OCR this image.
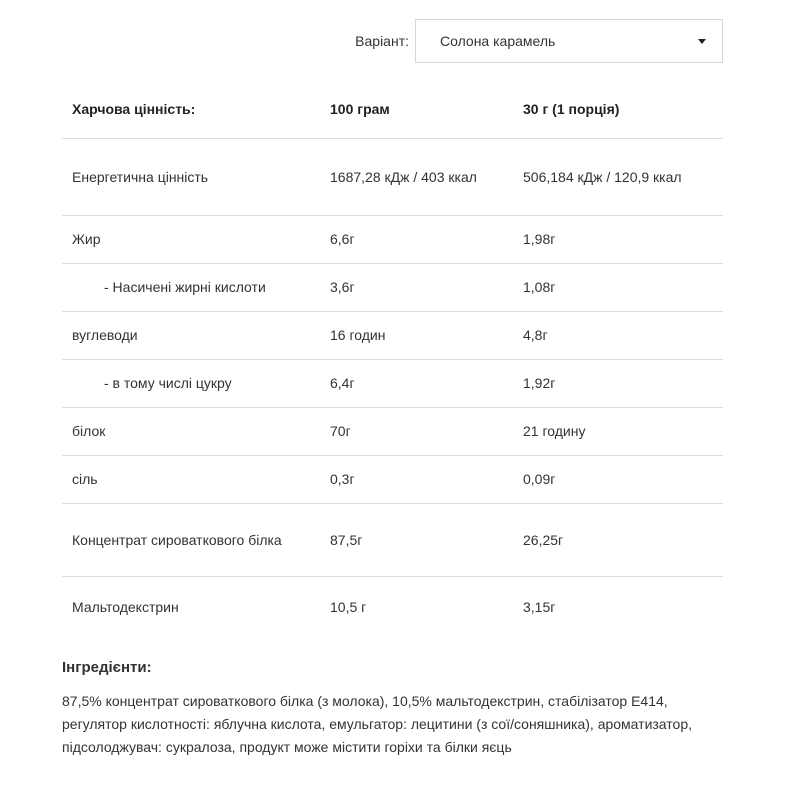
Варіант: Солона карамель
Харчова цінність:	100 грам	30 г (1 порція)
Енергетична цінність	1687,28 кДж / 403 ккал	506,184 кДж / 120,9 ккал
Жир	6,6г	1,98г
- Насичені жирні кислоти	3,6г	1,08г
вуглеводи	16 годин	4,8г
- в тому числі цукру	6,4г	1,92г
білок	70г	21 годину
сіль	0,3г	0,09г
Концентрат сироваткового білка	87,5г	26,25г
Мальтодекстрин	10,5 г	3,15г
Інгредієнти:
87,5% концентрат сироваткового білка (з молока), 10,5% мальтодекстрин, стабілізатор Е414, регулятор кислотності: яблучна кислота, емульгатор: лецитини (з сої/соняшника), ароматизатор, підсолоджувач: сукралоза, продукт може містити горіхи та білки яєць
